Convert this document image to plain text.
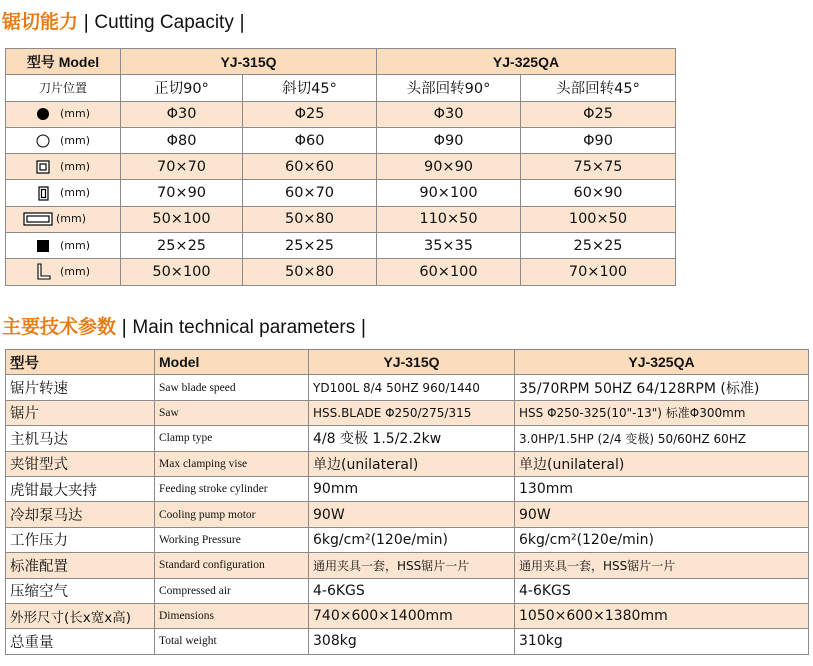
锯切能力 | Cutting Capacity |
型号 Model	YJ-315Q		YJ-325QA	
刀片位置	正切90°	斜切45°	头部回转90°	头部回转45°
(mm)	Φ30	Φ25	Φ30	Φ25
(mm)	Φ80	Φ60	Φ90	Φ90
(mm)	70×70	60×60	90×90	75×75
(mm)	70×90	60×70	90×100	60×90
(mm)	50×100	50×80	110×50	100×50
(mm)	25×25	25×25	35×35	25×25
(mm)	50×100	50×80	60×100	70×100
主要技术参数 | Main technical parameters |
型号	Model	YJ-315Q	YJ-325QA
锯片转速	Saw blade speed	YD100L 8/4 50HZ 960/1440	35/70RPM 50HZ 64/128RPM (标准)
锯片	Saw	HSS.BLADE Φ250/275/315	HSS Φ250-325(10"-13") 标准Φ300mm
主机马达	Clamp type	4/8 变极 1.5/2.2kw	3.0HP/1.5HP (2/4 变极) 50/60HZ 60HZ
夹钳型式	Max clamping vise	单边(unilateral)	单边(unilateral)
虎钳最大夹持	Feeding stroke cylinder	90mm	130mm
冷却泵马达	Cooling pump motor	90W	90W
工作压力	Working Pressure	6kg/cm²(120e/min)	6kg/cm²(120e/min)
标准配置	Standard configuration	通用夹具一套，HSS锯片一片	通用夹具一套，HSS锯片一片
压缩空气	Compressed air	4-6KGS	4-6KGS
外形尺寸(长x宽x高)	Dimensions	740×600×1400mm	1050×600×1380mm
总重量	Total weight	308kg	310kg
